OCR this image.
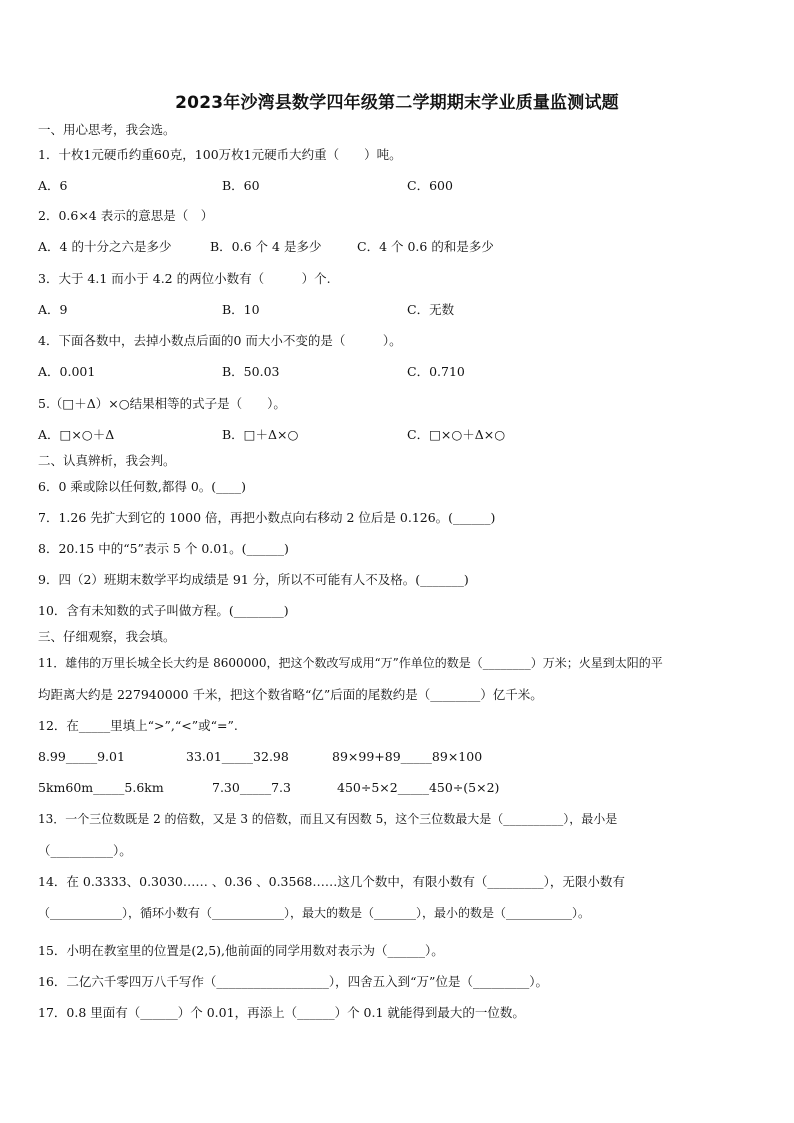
2023年沙湾县数学四年级第二学期期末学业质量监测试题
一、用心思考，我会选。
1．十枚1元硬币约重60克，100万枚1元硬币大约重（　　）吨。
A．6	B．60	C．600
2．0.6×4 表示的意思是（　）
A．4 的十分之六是多少	B．0.6 个 4 是多少	C．4 个 0.6 的和是多少
3．大于 4.1 而小于 4.2 的两位小数有（　　　）个.
A．9	B．10	C．无数
4．下面各数中，去掉小数点后面的0 而大小不变的是（　　　）。
A．0.001	B．50.03	C．0.710
5.（□＋Δ）×○结果相等的式子是（　　）。
A．□×○＋Δ	B．□＋Δ×○	C．□×○＋Δ×○
二、认真辨析，我会判。
6．0 乘或除以任何数,都得 0。(____)
7．1.26 先扩大到它的 1000 倍，再把小数点向右移动 2 位后是 0.126。(______)
8．20.15 中的“5”表示 5 个 0.01。(______)
9．四（2）班期末数学平均成绩是 91 分，所以不可能有人不及格。(_______)
10．含有未知数的式子叫做方程。(________)
三、仔细观察，我会填。
11．雄伟的万里长城全长大约是 8600000，把这个数改写成用“万”作单位的数是（________）万米；火星到太阳的平
均距离大约是 227940000 千米，把这个数省略“亿”后面的尾数约是（________）亿千米。
12．在_____里填上“>”,“<”或“=”.
8.99_____9.01	33.01_____32.98	89×99+89_____89×100
5km60m_____5.6km	7.30_____7.3	450÷5×2_____450÷(5×2)
13．一个三位数既是 2 的倍数，又是 3 的倍数，而且又有因数 5，这个三位数最大是（__________），最小是
（__________）。
14．在 0.3333、0.3030…… 、0.36 、0.3568……这几个数中，有限小数有（_________），无限小数有
（____________），循环小数有（____________），最大的数是（_______），最小的数是（___________）。
15．小明在教室里的位置是(2,5),他前面的同学用数对表示为（______）。
16．二亿六千零四万八千写作（__________________），四舍五入到“万”位是（_________）。
17．0.8 里面有（______）个 0.01，再添上（______）个 0.1 就能得到最大的一位数。
